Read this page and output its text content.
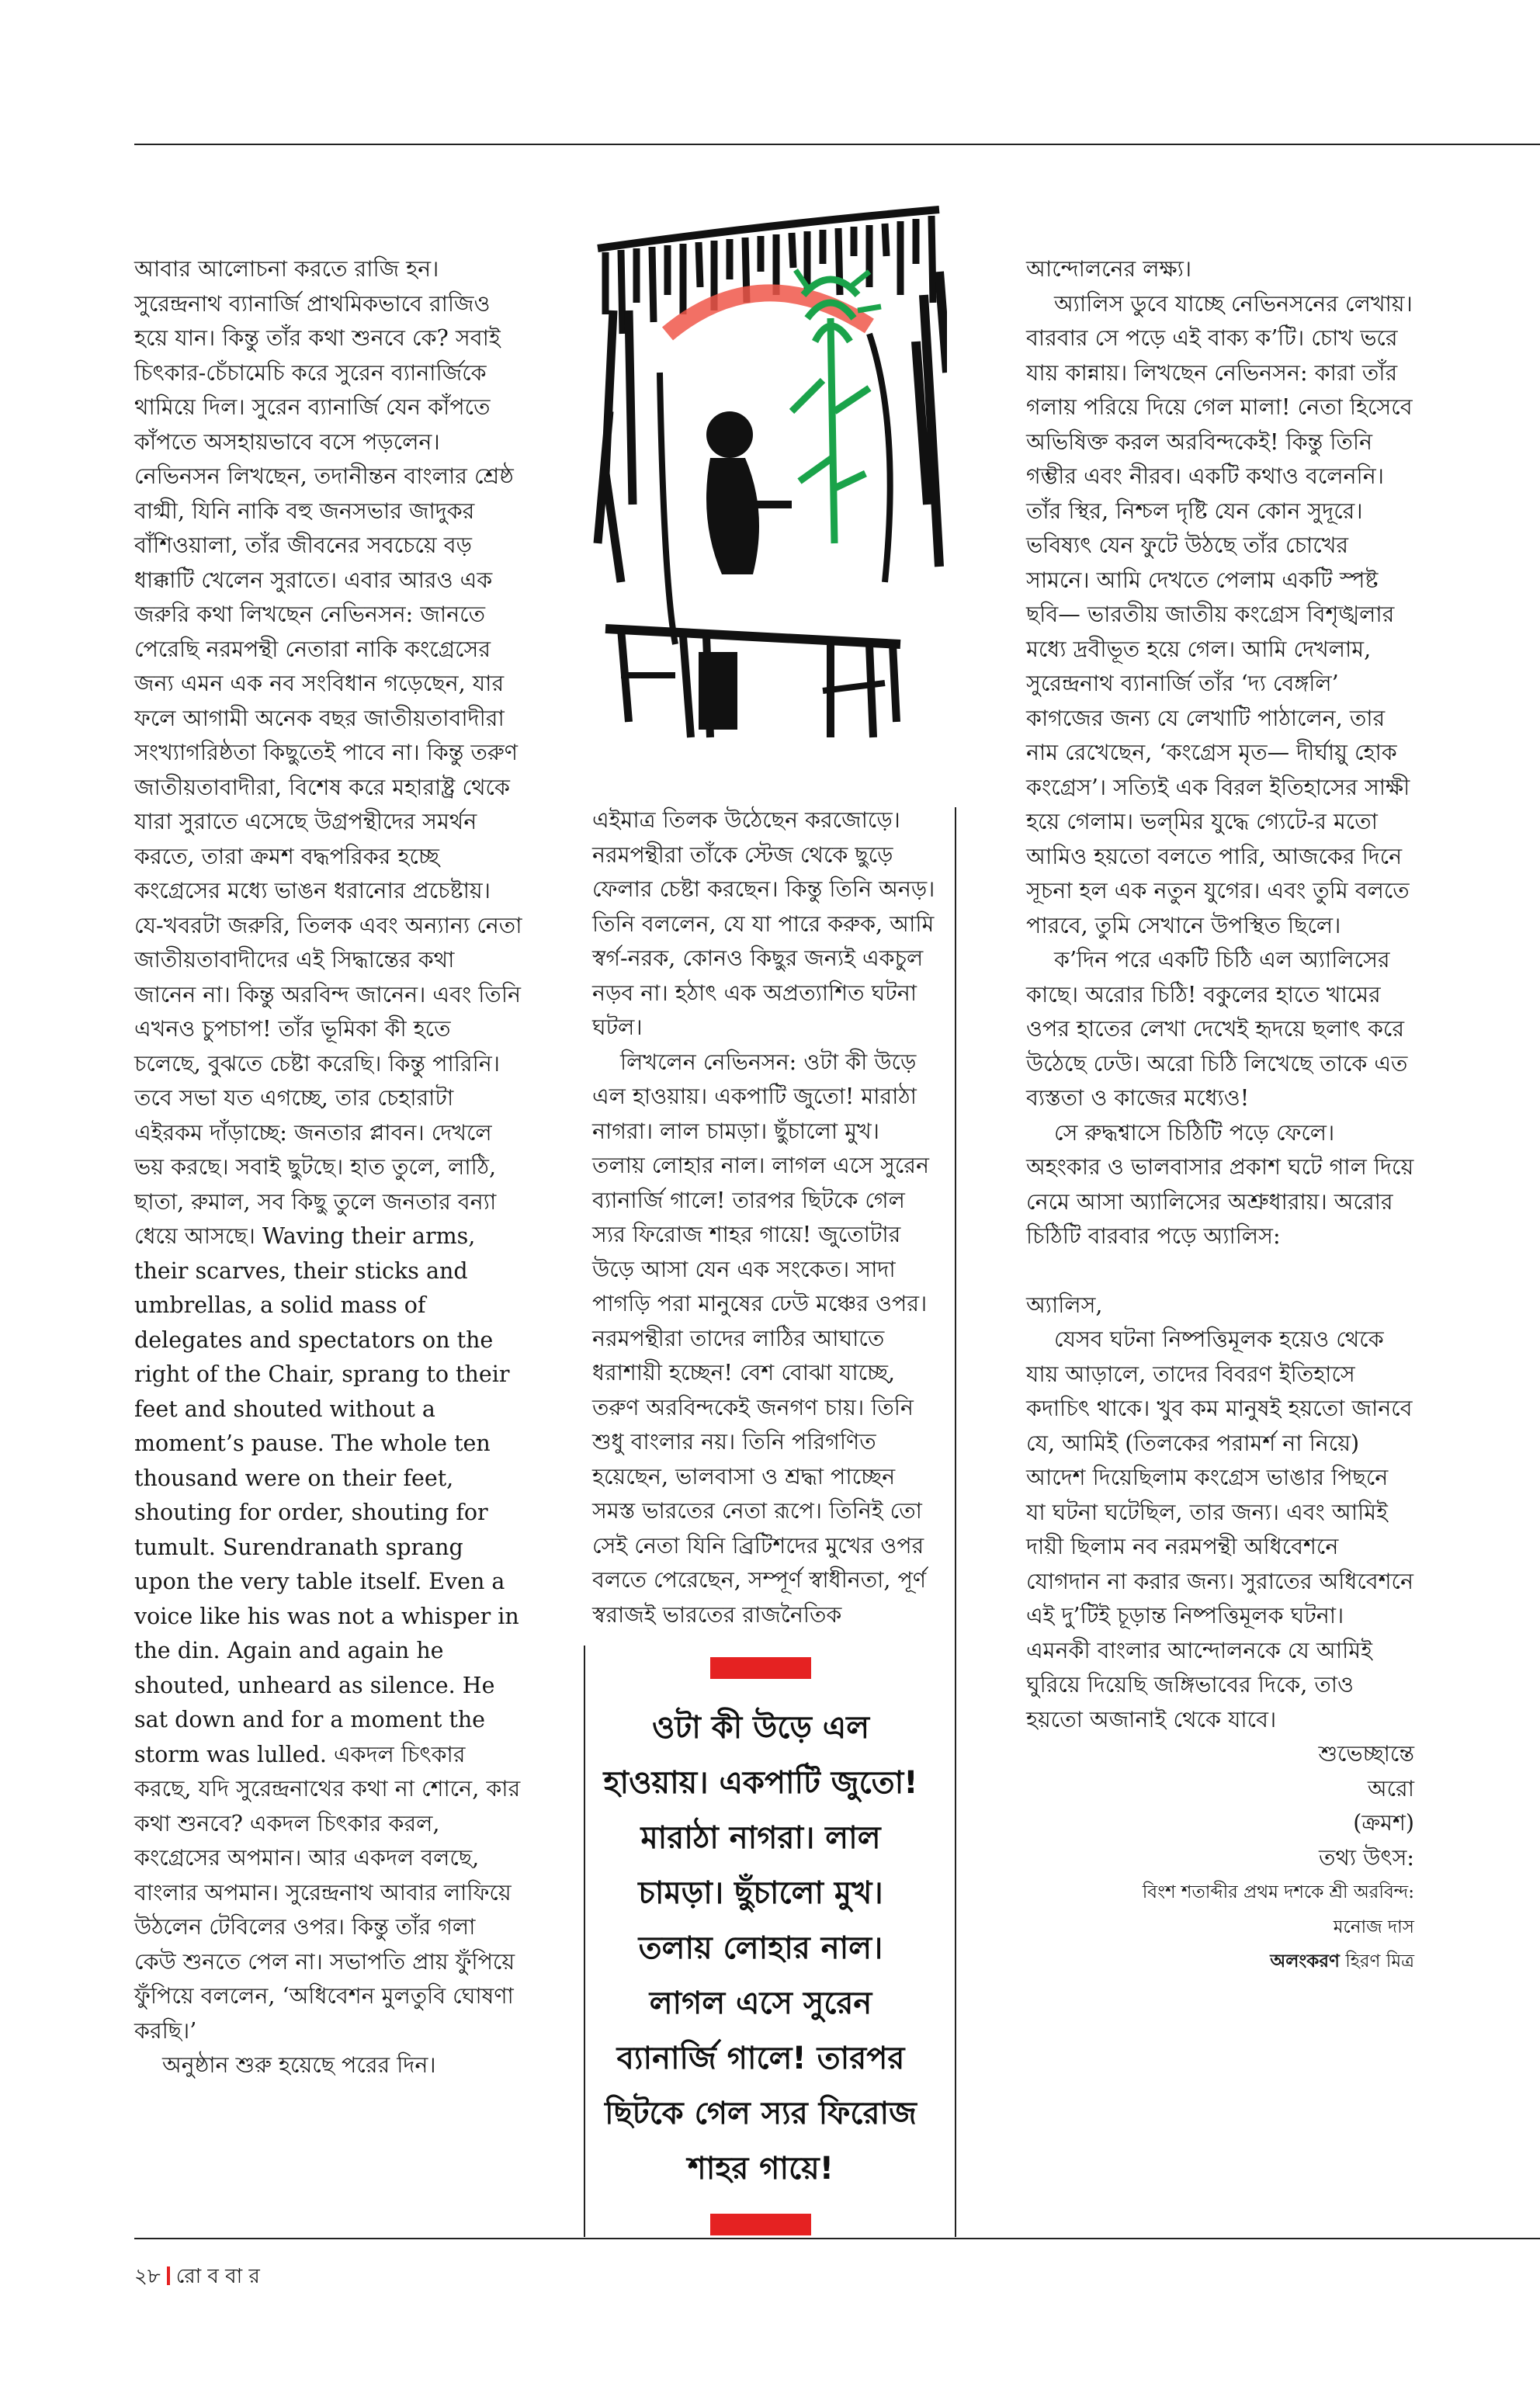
আবার আলোচনা করতে রাজি হন। সুরেন্দ্রনাথ ব্যানার্জি প্রাথমিকভাবে রাজিও হয়ে যান। কিন্তু তাঁর কথা শুনবে কে? সবাই চিৎকার-চেঁচামেচি করে সুরেন ব্যানার্জিকে থামিয়ে দিল। সুরেন ব্যানার্জি যেন কাঁপতে কাঁপতে অসহায়ভাবে বসে পড়লেন। নেভিনসন লিখছেন, তদানীন্তন বাংলার শ্রেষ্ঠ বাগ্মী, যিনি নাকি বহু জনসভার জাদুকর বাঁশিওয়ালা, তাঁর জীবনের সবচেয়ে বড় ধাক্কাটি খেলেন সুরাতে। এবার আরও এক জরুরি কথা লিখছেন নেভিনসন: জানতে পেরেছি নরমপন্থী নেতারা নাকি কংগ্রেসের জন্য এমন এক নব সংবিধান গড়েছেন, যার ফলে আগামী অনেক বছর জাতীয়তাবাদীরা সংখ্যাগরিষ্ঠতা কিছুতেই পাবে না। কিন্তু তরুণ জাতীয়তাবাদীরা, বিশেষ করে মহারাষ্ট্র থেকে যারা সুরাতে এসেছে উগ্রপন্থীদের সমর্থন করতে, তারা ক্রমশ বদ্ধপরিকর হচ্ছে কংগ্রেসের মধ্যে ভাঙন ধরানোর প্রচেষ্টায়। যে-খবরটা জরুরি, তিলক এবং অন্যান্য নেতা জাতীয়তাবাদীদের এই সিদ্ধান্তের কথা জানেন না। কিন্তু অরবিন্দ জানেন। এবং তিনি এখনও চুপচাপ! তাঁর ভূমিকা কী হতে চলেছে, বুঝতে চেষ্টা করেছি। কিন্তু পারিনি। তবে সভা যত এগচ্ছে, তার চেহারাটা এইরকম দাঁড়াচ্ছে: জনতার প্লাবন। দেখলে ভয় করছে। সবাই ছুটছে। হাত তুলে, লাঠি, ছাতা, রুমাল, সব কিছু তুলে জনতার বন্যা ধেয়ে আসছে। Waving their arms, their scarves, their sticks and umbrellas, a solid mass of delegates and spectators on the right of the Chair, sprang to their feet and shouted without a moment’s pause. The whole ten thousand were on their feet, shouting for order, shouting for tumult. Surendranath sprang upon the very table itself. Even a voice like his was not a whisper in the din. Again and again he shouted, unheard as silence. He sat down and for a moment the storm was lulled. একদল চিৎকার করছে, যদি সুরেন্দ্রনাথের কথা না শোনে, কার কথা শুনবে? একদল চিৎকার করল, কংগ্রেসের অপমান। আর একদল বলছে, বাংলার অপমান। সুরেন্দ্রনাথ আবার লাফিয়ে উঠলেন টেবিলের ওপর। কিন্তু তাঁর গলা কেউ শুনতে পেল না। সভাপতি প্রায় ফুঁপিয়ে ফুঁপিয়ে বললেন, ‘অধিবেশন মুলতুবি ঘোষণা করছি।’

অনুষ্ঠান শুরু হয়েছে পরের দিন।

এইমাত্র তিলক উঠেছেন করজোড়ে। নরমপন্থীরা তাঁকে স্টেজ থেকে ছুড়ে ফেলার চেষ্টা করছেন। কিন্তু তিনি অনড়। তিনি বললেন, যে যা পারে করুক, আমি স্বর্গ-নরক, কোনও কিছুর জন্যই একচুল নড়ব না। হঠাৎ এক অপ্রত্যাশিত ঘটনা ঘটল।

লিখলেন নেভিনসন: ওটা কী উড়ে এল হাওয়ায়। একপাটি জুতো! মারাঠা নাগরা। লাল চামড়া। ছুঁচালো মুখ। তলায় লোহার নাল। লাগল এসে সুরেন ব্যানার্জি গালে! তারপর ছিটকে গেল স্যর ফিরোজ শাহর গায়ে! জুতোটার উড়ে আসা যেন এক সংকেত। সাদা পাগড়ি পরা মানুষের ঢেউ মঞ্চের ওপর। নরমপন্থীরা তাদের লাঠির আঘাতে ধরাশায়ী হচ্ছেন! বেশ বোঝা যাচ্ছে, তরুণ অরবিন্দকেই জনগণ চায়। তিনি শুধু বাংলার নয়। তিনি পরিগণিত হয়েছেন, ভালবাসা ও শ্রদ্ধা পাচ্ছেন সমস্ত ভারতের নেতা রূপে। তিনিই তো সেই নেতা যিনি ব্রিটিশদের মুখের ওপর বলতে পেরেছেন, সম্পূর্ণ স্বাধীনতা, পূর্ণ স্বরাজই ভারতের রাজনৈতিক

ওটা কী উড়ে এল হাওয়ায়। একপাটি জুতো! মারাঠা নাগরা। লাল চামড়া। ছুঁচালো মুখ। তলায় লোহার নাল। লাগল এসে সুরেন ব্যানার্জি গালে! তারপর ছিটকে গেল স্যর ফিরোজ শাহর গায়ে!

আন্দোলনের লক্ষ্য।

অ্যালিস ডুবে যাচ্ছে নেভিনসনের লেখায়। বারবার সে পড়ে এই বাক্য ক’টি। চোখ ভরে যায় কান্নায়। লিখছেন নেভিনসন: কারা তাঁর গলায় পরিয়ে দিয়ে গেল মালা! নেতা হিসেবে অভিষিক্ত করল অরবিন্দকেই! কিন্তু তিনি গম্ভীর এবং নীরব। একটি কথাও বলেননি। তাঁর স্থির, নিশ্চল দৃষ্টি যেন কোন সুদূরে। ভবিষ্যৎ যেন ফুটে উঠছে তাঁর চোখের সামনে। আমি দেখতে পেলাম একটি স্পষ্ট ছবি— ভারতীয় জাতীয় কংগ্রেস বিশৃঙ্খলার মধ্যে দ্রবীভূত হয়ে গেল। আমি দেখলাম, সুরেন্দ্রনাথ ব্যানার্জি তাঁর ‘দ্য বেঙ্গলি’ কাগজের জন্য যে লেখাটি পাঠালেন, তার নাম রেখেছেন, ‘কংগ্রেস মৃত— দীর্ঘায়ু হোক কংগ্রেস’। সত্যিই এক বিরল ইতিহাসের সাক্ষী হয়ে গেলাম। ভল্‌মির যুদ্ধে গ্যেটে-র মতো আমিও হয়তো বলতে পারি, আজকের দিনে সূচনা হল এক নতুন যুগের। এবং তুমি বলতে পারবে, তুমি সেখানে উপস্থিত ছিলে।

ক’দিন পরে একটি চিঠি এল অ্যালিসের কাছে। অরোর চিঠি! বকুলের হাতে খামের ওপর হাতের লেখা দেখেই হৃদয়ে ছলাৎ করে উঠেছে ঢেউ। অরো চিঠি লিখেছে তাকে এত ব্যস্ততা ও কাজের মধ্যেও!

সে রুদ্ধশ্বাসে চিঠিটি পড়ে ফেলে। অহংকার ও ভালবাসার প্রকাশ ঘটে গাল দিয়ে নেমে আসা অ্যালিসের অশ্রুধারায়। অরোর চিঠিটি বারবার পড়ে অ্যালিস:

অ্যালিস,

যেসব ঘটনা নিষ্পত্তিমূলক হয়েও থেকে যায় আড়ালে, তাদের বিবরণ ইতিহাসে কদাচিৎ থাকে। খুব কম মানুষই হয়তো জানবে যে, আমিই (তিলকের পরামর্শ না নিয়ে) আদেশ দিয়েছিলাম কংগ্রেস ভাঙার পিছনে যা ঘটনা ঘটেছিল, তার জন্য। এবং আমিই দায়ী ছিলাম নব নরমপন্থী অধিবেশনে যোগদান না করার জন্য। সুরাতের অধিবেশনে এই দু’টিই চূড়ান্ত নিষ্পত্তিমূলক ঘটনা। এমনকী বাংলার আন্দোলনকে যে আমিই ঘুরিয়ে দিয়েছি জঙ্গিভাবের দিকে, তাও হয়তো অজানাই থেকে যাবে।

শুভেচ্ছান্তে

অরো

(ক্রমশ)

তথ্য উৎস:

বিংশ শতাব্দীর প্রথম দশকে শ্রী অরবিন্দ:

মনোজ দাস

অলংকরণ হিরণ মিত্র

২৮ রো ব বা র
